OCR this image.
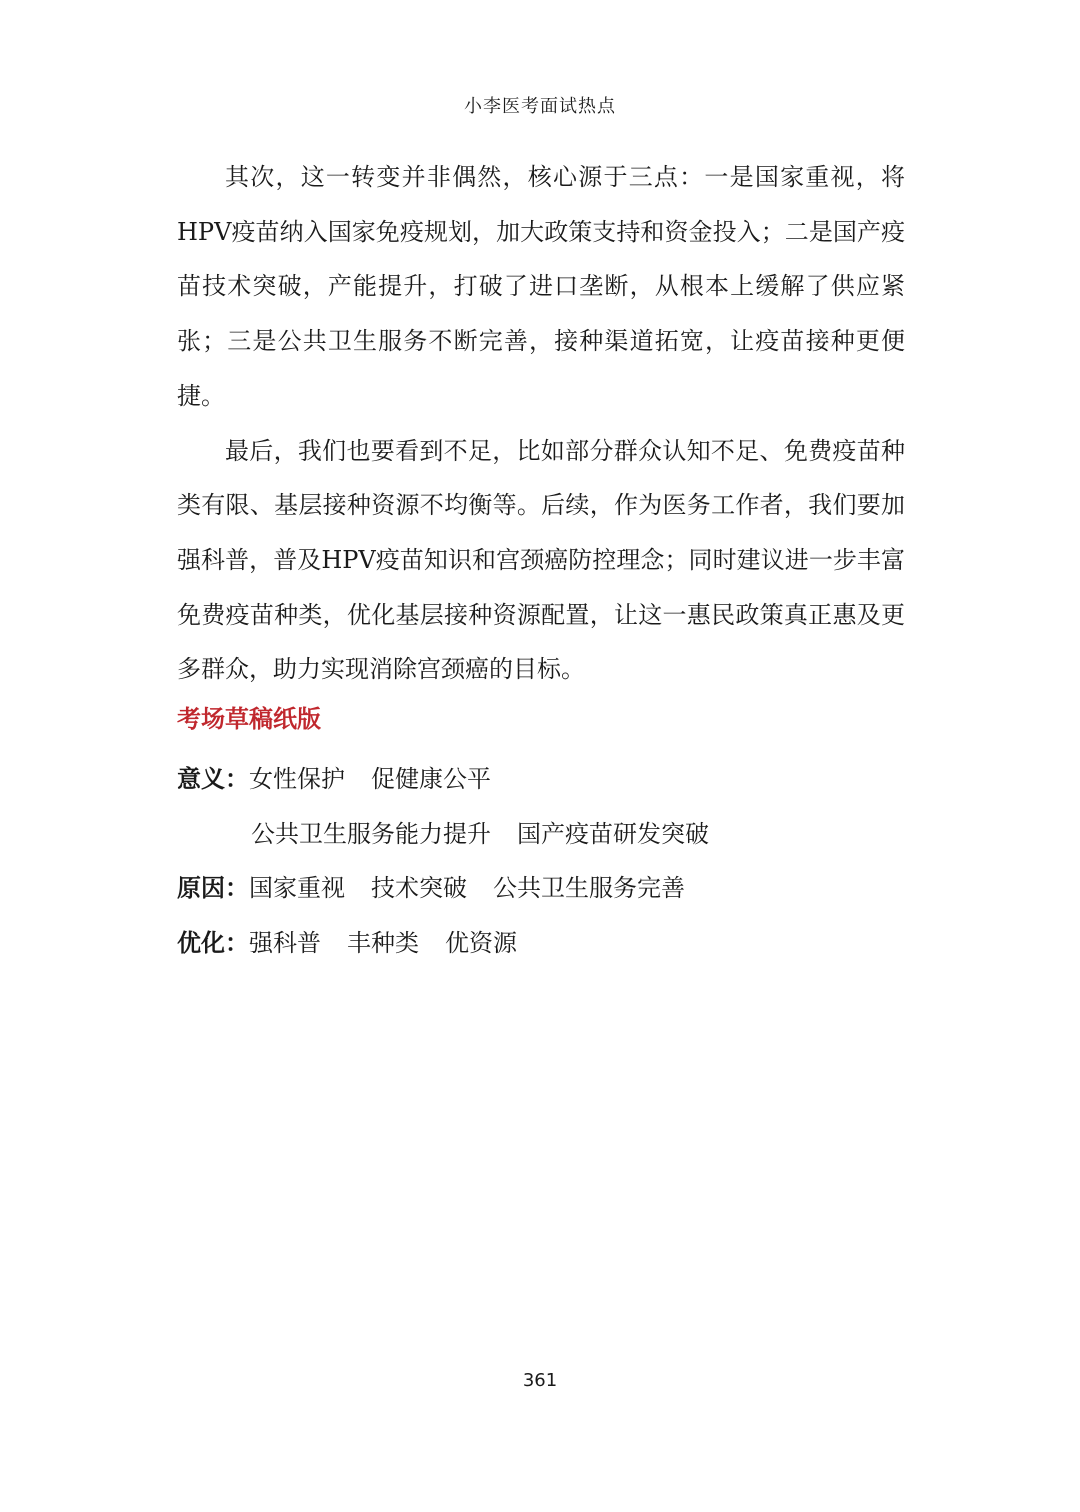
小李医考面试热点

其次，这一转变并非偶然，核心源于三点：一是国家重视，将HPV疫苗纳入国家免疫规划，加大政策支持和资金投入；二是国产疫苗技术突破，产能提升，打破了进口垄断，从根本上缓解了供应紧张；三是公共卫生服务不断完善，接种渠道拓宽，让疫苗接种更便捷。

最后，我们也要看到不足，比如部分群众认知不足、免费疫苗种类有限、基层接种资源不均衡等。后续，作为医务工作者，我们要加强科普，普及HPV疫苗知识和宫颈癌防控理念；同时建议进一步丰富免费疫苗种类，优化基层接种资源配置，让这一惠民政策真正惠及更多群众，助力实现消除宫颈癌的目标。

考场草稿纸版
意义：女性保护 促健康公平
公共卫生服务能力提升 国产疫苗研发突破
原因：国家重视 技术突破 公共卫生服务完善
优化：强科普 丰种类 优资源
361
